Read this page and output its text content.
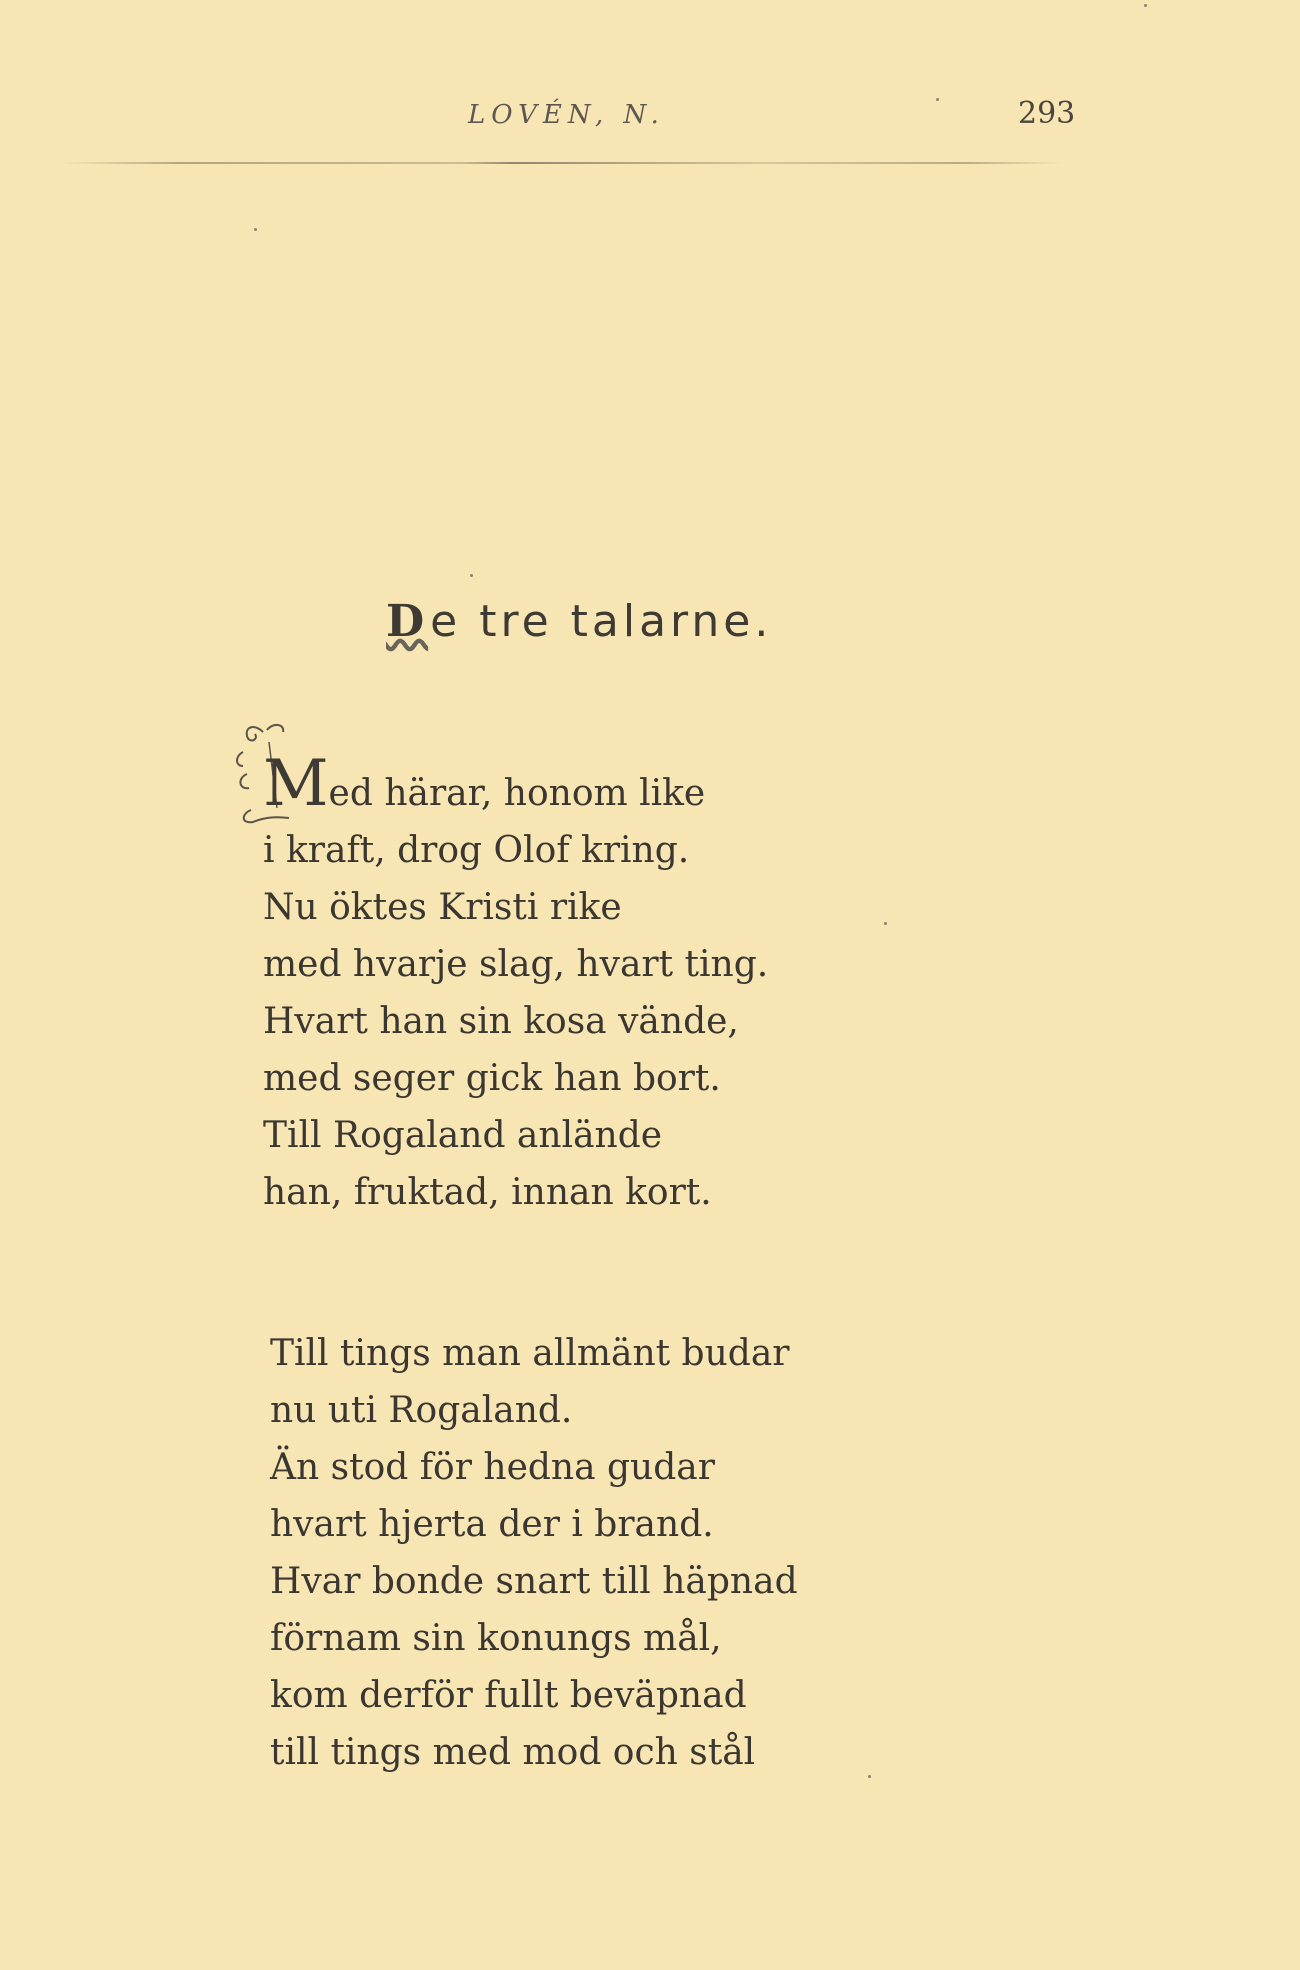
LOVÉN, N.	293
De tre talarne.
Med härar, honom like
i kraft, drog Olof kring.
Nu öktes Kristi rike
med hvarje slag, hvart ting.
Hvart han sin kosa vände,
med seger gick han bort.
Till Rogaland anlände
han, fruktad, innan kort.
Till tings man allmänt budar
nu uti Rogaland.
Än stod för hedna gudar
hvart hjerta der i brand.
Hvar bonde snart till häpnad
förnam sin konungs mål,
kom derför fullt beväpnad
till tings med mod och stål
